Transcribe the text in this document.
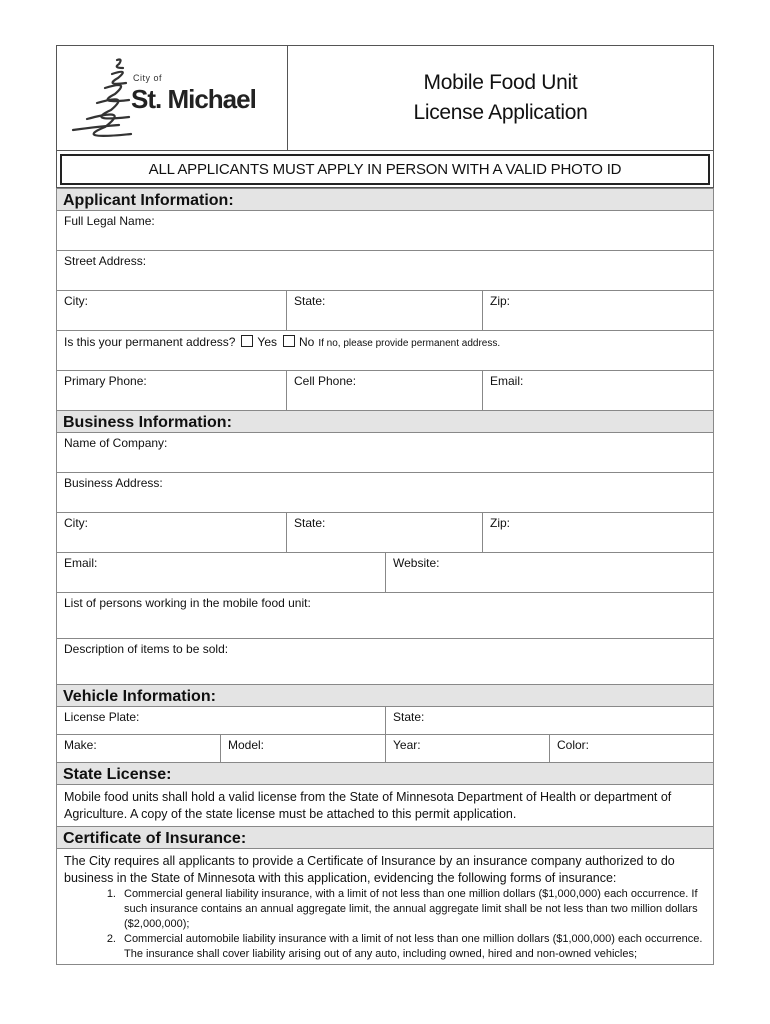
City of
St. Michael
Mobile Food Unit
License Application
ALL APPLICANTS MUST APPLY IN PERSON WITH A VALID PHOTO ID
Applicant Information:
Full Legal Name:
Street Address:
City:	State:	Zip:
Is this your permanent address? Yes No If no, please provide permanent address.
Primary Phone:	Cell Phone:	Email:
Business Information:
Name of Company:
Business Address:
City:	State:	Zip:
Email:	Website:
List of persons working in the mobile food unit:
Description of items to be sold:
Vehicle Information:
License Plate:	State:
Make:	Model:	Year:	Color:
State License:
Mobile food units shall hold a valid license from the State of Minnesota Department of Health or department of Agriculture. A copy of the state license must be attached to this permit application.
Certificate of Insurance:
The City requires all applicants to provide a Certificate of Insurance by an insurance company authorized to do business in the State of Minnesota with this application, evidencing the following forms of insurance:
1. Commercial general liability insurance, with a limit of not less than one million dollars ($1,000,000) each occurrence. If such insurance contains an annual aggregate limit, the annual aggregate limit shall be not less than two million dollars ($2,000,000);
2. Commercial automobile liability insurance with a limit of not less than one million dollars ($1,000,000) each occurrence. The insurance shall cover liability arising out of any auto, including owned, hired and non-owned vehicles;
